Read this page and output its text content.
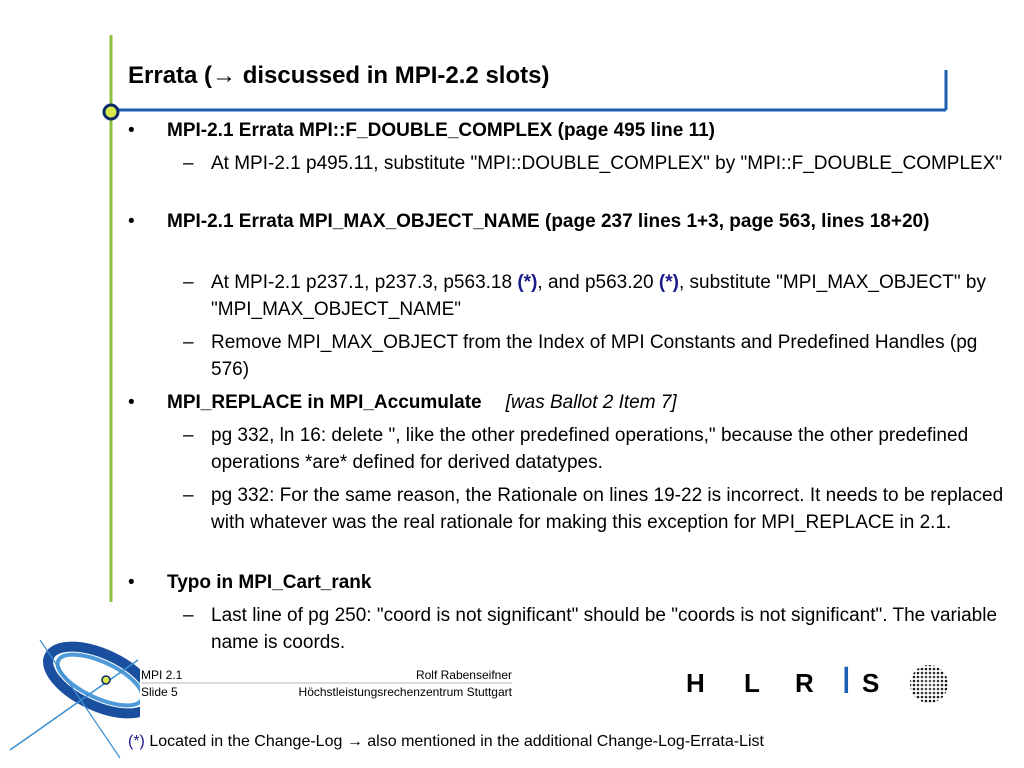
Errata (→ discussed in MPI-2.2 slots)
• MPI-2.1 Errata MPI::F_DOUBLE_COMPLEX (page 495 line 11)
– At MPI-2.1 p495.11, substitute "MPI::DOUBLE_COMPLEX" by "MPI::F_DOUBLE_COMPLEX"
• MPI-2.1 Errata MPI_MAX_OBJECT_NAME (page 237 lines 1+3, page 563, lines 18+20)
– At MPI-2.1 p237.1, p237.3, p563.18 (*), and p563.20 (*), substitute "MPI_MAX_OBJECT" by "MPI_MAX_OBJECT_NAME"
– Remove MPI_MAX_OBJECT from the Index of MPI Constants and Predefined Handles (pg 576)
• MPI_REPLACE in MPI_Accumulate [was Ballot 2 Item 7]
– pg 332, ln 16: delete ", like the other predefined operations," because the other predefined operations *are* defined for derived datatypes.
– pg 332: For the same reason, the Rationale on lines 19-22 is incorrect. It needs to be replaced with whatever was the real rationale for making this exception for MPI_REPLACE in 2.1.
• Typo in MPI_Cart_rank
– Last line of pg 250: "coord is not significant" should be "coords is not significant". The variable name is coords.
MPI 2.1
Slide 5
Rolf Rabenseifner
Höchstleistungsrechenzentrum Stuttgart	H L R I S
(*) Located in the Change-Log → also mentioned in the additional Change-Log-Errata-List
